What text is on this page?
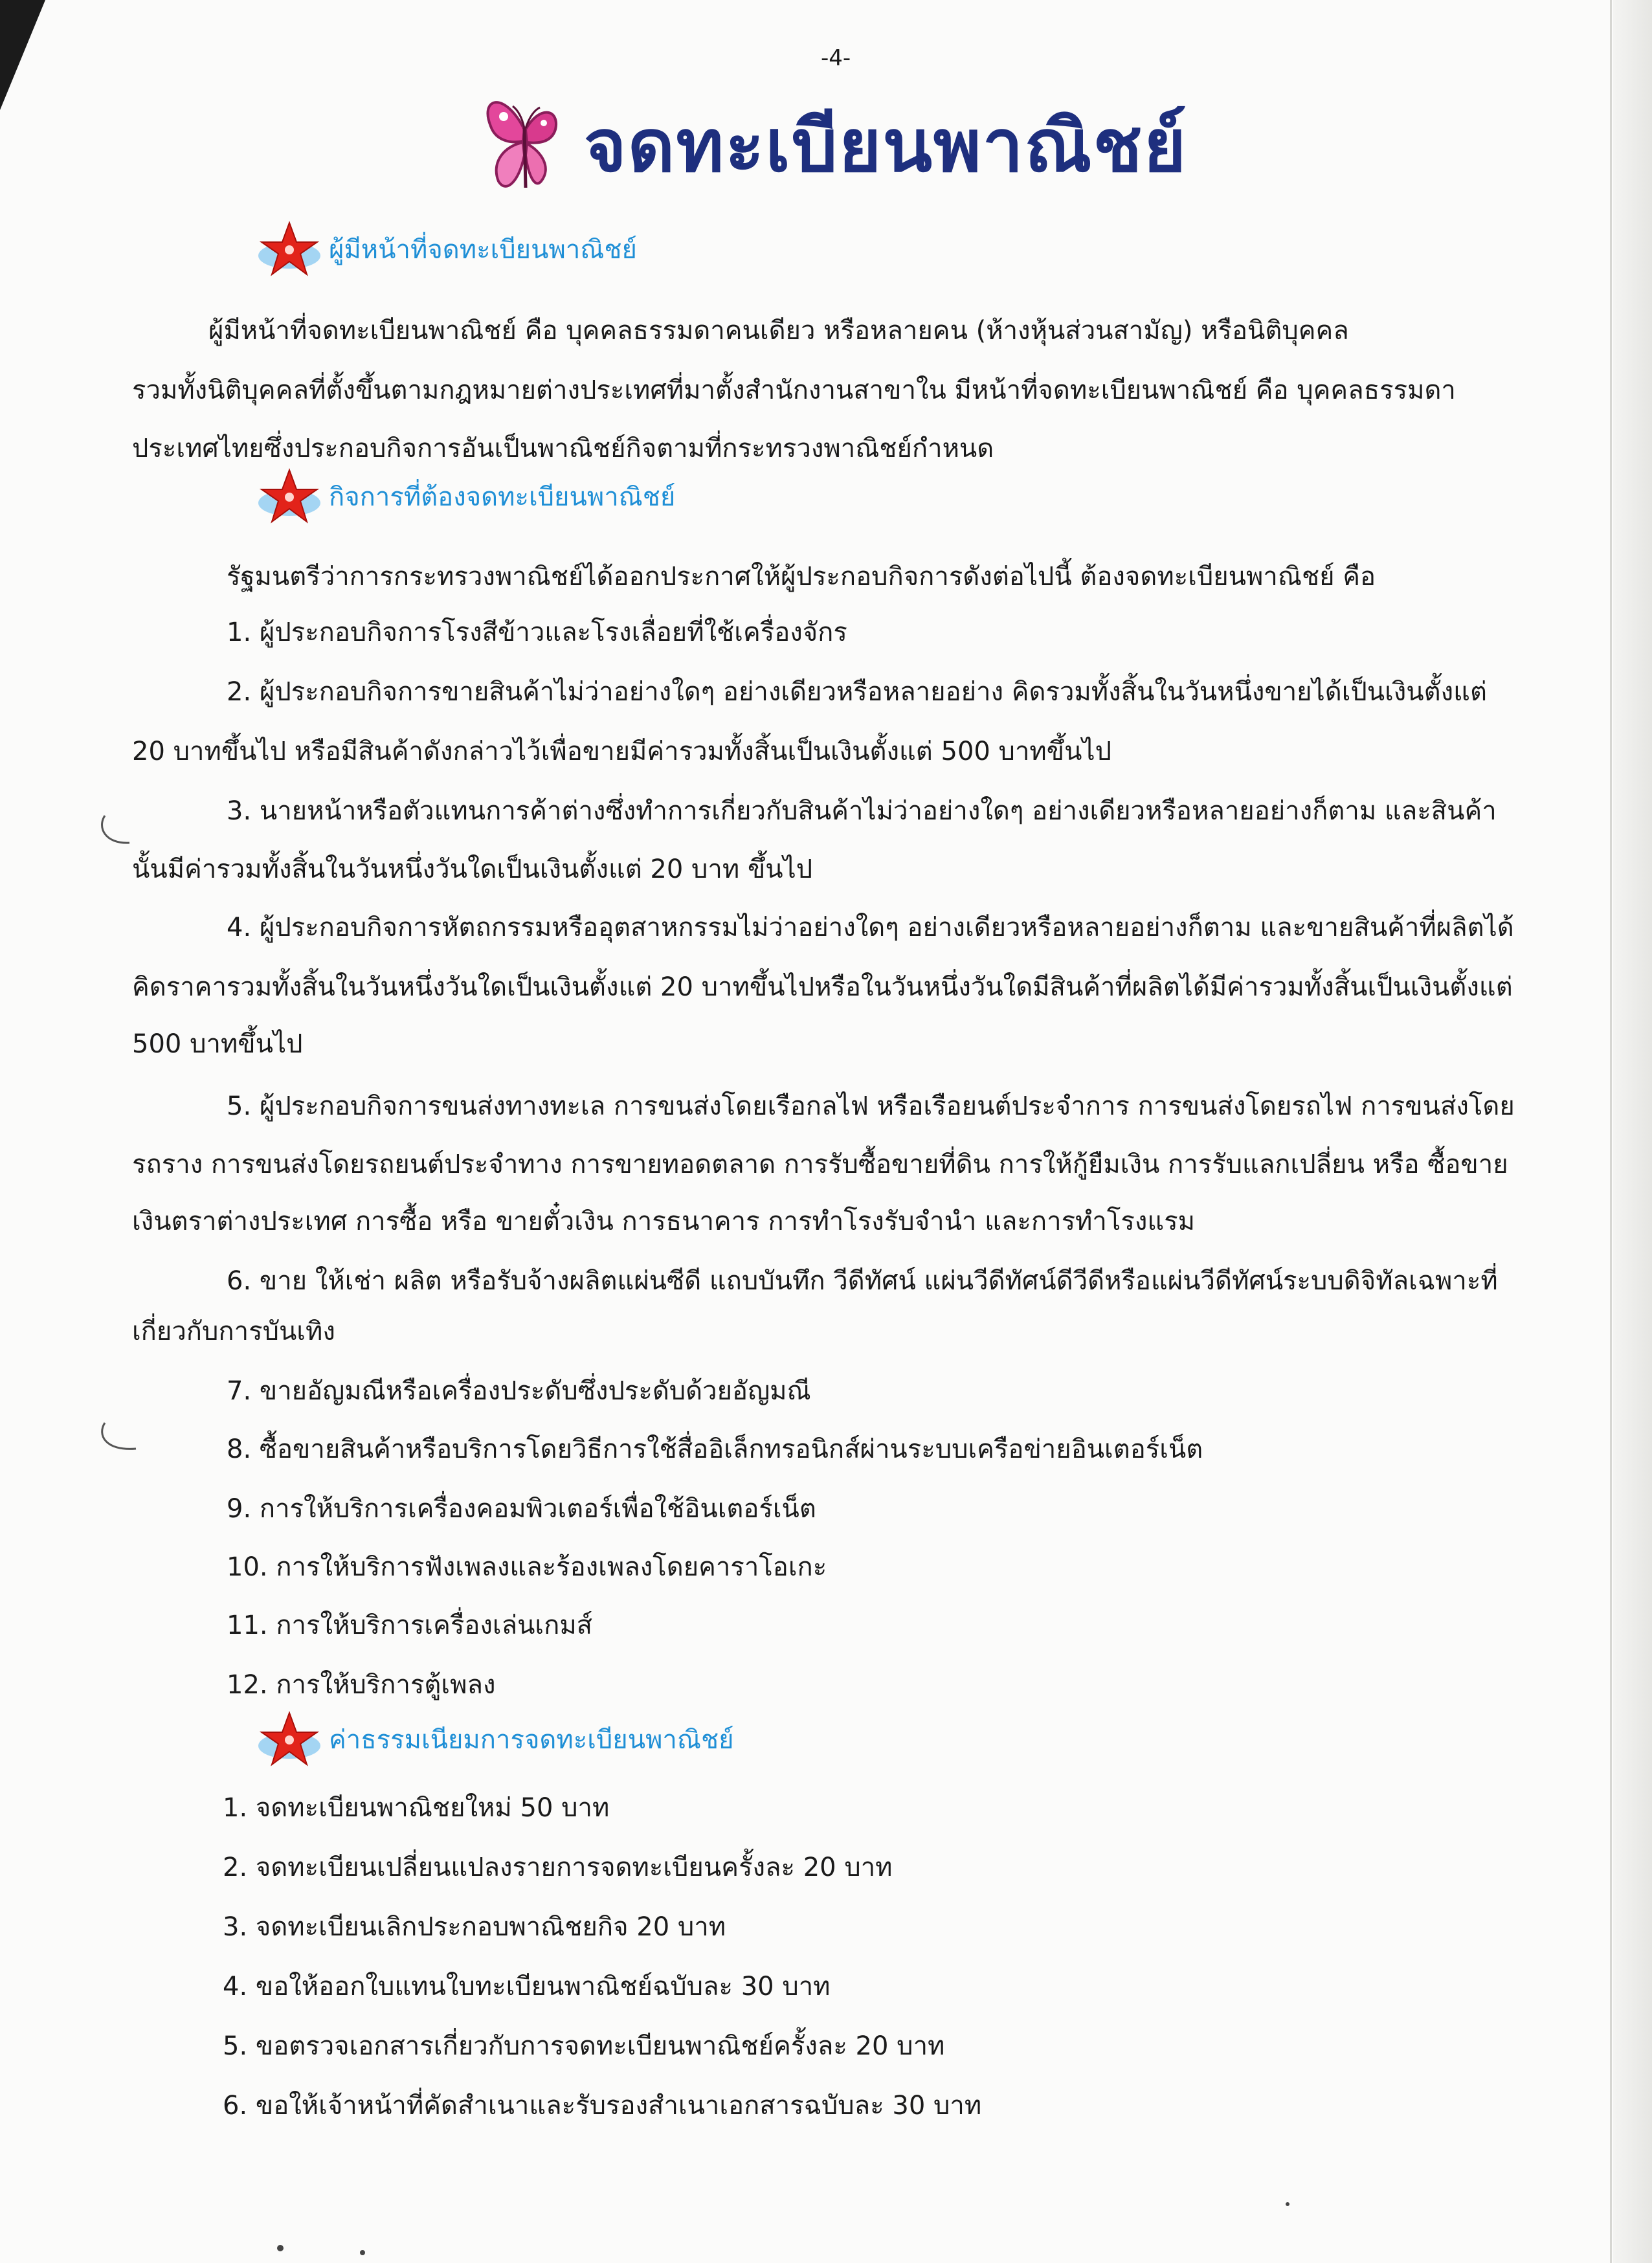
-4-
จดทะเบียนพาณิชย์
ผู้มีหน้าที่จดทะเบียนพาณิชย์
ผู้มีหน้าที่จดทะเบียนพาณิชย์ คือ บุคคลธรรมดาคนเดียว หรือหลายคน (ห้างหุ้นส่วนสามัญ) หรือนิติบุคคล
รวมทั้งนิติบุคคลที่ตั้งขึ้นตามกฎหมายต่างประเทศที่มาตั้งสำนักงานสาขาใน มีหน้าที่จดทะเบียนพาณิชย์ คือ บุคคลธรรมดา
ประเทศไทยซึ่งประกอบกิจการอันเป็นพาณิชย์กิจตามที่กระทรวงพาณิชย์กำหนด
กิจการที่ต้องจดทะเบียนพาณิชย์
รัฐมนตรีว่าการกระทรวงพาณิชย์ได้ออกประกาศให้ผู้ประกอบกิจการดังต่อไปนี้ ต้องจดทะเบียนพาณิชย์ คือ
1. ผู้ประกอบกิจการโรงสีข้าวและโรงเลื่อยที่ใช้เครื่องจักร
2. ผู้ประกอบกิจการขายสินค้าไม่ว่าอย่างใดๆ อย่างเดียวหรือหลายอย่าง คิดรวมทั้งสิ้นในวันหนึ่งขายได้เป็นเงินตั้งแต่
20 บาทขึ้นไป หรือมีสินค้าดังกล่าวไว้เพื่อขายมีค่ารวมทั้งสิ้นเป็นเงินตั้งแต่ 500 บาทขึ้นไป
3. นายหน้าหรือตัวแทนการค้าต่างซึ่งทำการเกี่ยวกับสินค้าไม่ว่าอย่างใดๆ อย่างเดียวหรือหลายอย่างก็ตาม และสินค้า
นั้นมีค่ารวมทั้งสิ้นในวันหนึ่งวันใดเป็นเงินตั้งแต่ 20 บาท ขึ้นไป
4. ผู้ประกอบกิจการหัตถกรรมหรืออุตสาหกรรมไม่ว่าอย่างใดๆ อย่างเดียวหรือหลายอย่างก็ตาม และขายสินค้าที่ผลิตได้
คิดราคารวมทั้งสิ้นในวันหนึ่งวันใดเป็นเงินตั้งแต่ 20 บาทขึ้นไปหรือในวันหนึ่งวันใดมีสินค้าที่ผลิตได้มีค่ารวมทั้งสิ้นเป็นเงินตั้งแต่
500 บาทขึ้นไป
5. ผู้ประกอบกิจการขนส่งทางทะเล การขนส่งโดยเรือกลไฟ หรือเรือยนต์ประจำการ การขนส่งโดยรถไฟ การขนส่งโดย
รถราง การขนส่งโดยรถยนต์ประจำทาง การขายทอดตลาด การรับซื้อขายที่ดิน การให้กู้ยืมเงิน การรับแลกเปลี่ยน หรือ ซื้อขาย
เงินตราต่างประเทศ การซื้อ หรือ ขายตั๋วเงิน การธนาคาร การทำโรงรับจำนำ และการทำโรงแรม
6. ขาย ให้เช่า ผลิต หรือรับจ้างผลิตแผ่นซีดี แถบบันทึก วีดีทัศน์ แผ่นวีดีทัศน์ดีวีดีหรือแผ่นวีดีทัศน์ระบบดิจิทัลเฉพาะที่
เกี่ยวกับการบันเทิง
7. ขายอัญมณีหรือเครื่องประดับซึ่งประดับด้วยอัญมณี
8. ซื้อขายสินค้าหรือบริการโดยวิธีการใช้สื่ออิเล็กทรอนิกส์ผ่านระบบเครือข่ายอินเตอร์เน็ต
9. การให้บริการเครื่องคอมพิวเตอร์เพื่อใช้อินเตอร์เน็ต
10. การให้บริการฟังเพลงและร้องเพลงโดยคาราโอเกะ
11. การให้บริการเครื่องเล่นเกมส์
12. การให้บริการตู้เพลง
ค่าธรรมเนียมการจดทะเบียนพาณิชย์
1. จดทะเบียนพาณิชยใหม่ 50 บาท
2. จดทะเบียนเปลี่ยนแปลงรายการจดทะเบียนครั้งละ 20 บาท
3. จดทะเบียนเลิกประกอบพาณิชยกิจ 20 บาท
4. ขอให้ออกใบแทนใบทะเบียนพาณิชย์ฉบับละ 30 บาท
5. ขอตรวจเอกสารเกี่ยวกับการจดทะเบียนพาณิชย์ครั้งละ 20 บาท
6. ขอให้เจ้าหน้าที่คัดสำเนาและรับรองสำเนาเอกสารฉบับละ 30 บาท
